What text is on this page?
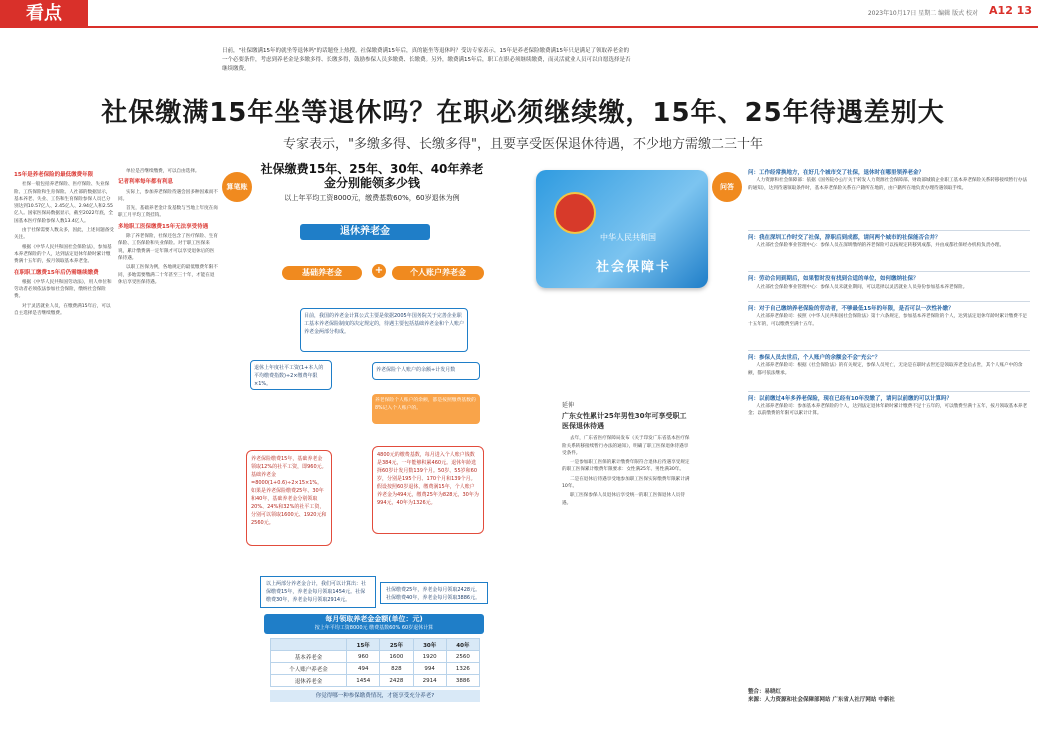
看点	2023年10月17日 星期二 编辑 版式 校对 A12 13
日前，"社保缴满15年的就坐等退休吗"的话题登上热搜。社保缴费满15年后，真的能坐等退休吗？受访专家表示，15年是养老保险缴费满15年只是满足了领取养老金的一个必要条件，考虑到养老金是多缴多得、长缴多得，鼓励参保人员多缴费、长缴费。另外，缴费满15年后，职工在职必须继续缴费，而灵活就业人员可以自愿选择是否继续缴费。
社保缴满15年坐等退休吗？在职必须继续缴，15年、25年待遇差别大
专家表示，"多缴多得、长缴多得"，且要享受医保退休待遇，不少地方需缴二三十年
15年是养老保险的最低缴费年限

社保一般包括养老保险、医疗保险、失业保险、工伤保险和生育保险。人社部的数据显示，基本养老、失业、工伤和生育保险参保人员已分别达到10.57亿人、2.45亿人、2.94亿人和2.55亿人。国家医保局数据显示，截至2022年底，全国基本医疗保险参保人数13.4亿人。

由于社保需要人数众多，因此，上述问题备受关注。

根据《中华人民共和国社会保险法》，参加基本养老保险的个人，达到法定退休年龄时累计缴费满十五年的，按月领取基本养老金。

在职职工缴费15年后仍需继续缴费

根据《中华人民共和国劳动法》，用人单位和劳动者必须依法参加社会保险，缴纳社会保险费。

对于灵活就业人员，在缴费满15年后，可以自主选择是否继续缴费。

单位是否继续缴费，可以自由选择。

记者利率每年都有利息

实际上，参加养老保险待遇会因多种因素而不同。

首先，基础养老金计发基数与当地上年度在岗职工月平均工资挂钩。

多地职工医保缴费15年无法享受待遇

除了养老保险，社保还包含了医疗保险、生育保险、工伤保险和失业保险。对于职工医保来说，累计缴费满一定年限才可以享受退休后的医保待遇。

以职工医保为例，各地规定的最低缴费年限不同，多地需要缴满二十年甚至三十年，才能在退休后享受医保待遇。

算笔账
社保缴费15年、25年、30年、40年养老金分别能领多少钱
以上年平均工资8000元，缴费基数60%，60岁退休为例
退休养老金
基础养老金	+	个人账户养老金
目前，我国的养老金计算公式主要是依据2005年国务院关于完善企业职工基本养老保险制度的决定规定的，待遇主要包括基础养老金和个人账户养老金两部分构成。
退休上年度社平工资(1+本人的平均缴费指数)÷2×缴费年限×1%。
养老保险个人账户的余额÷计发月数
养老保险个人账户的余额，都是按照缴费基数的8%记入个人账户的。
养老保险缴费15年，基础养老金领取12%的社平工资，即960元。基础养老金=8000(1+0.6)÷2×15×1%。如果是养老保险缴费25年、30年和40年，基础养老金分别领取20%、24%和32%的社平工资，分别可以领取1600元、1920元和2560元。
4800元的缴费基数，每月进入个人账户钱数是384元，一年能够积累460元。退休年龄选择60岁计发月数139个月。50岁、55岁和60岁，分别是195个月、170个月和139个月。假设按照60岁退休，缴费满15年，个人账户养老金为494元，缴费25年为828元，30年为994元，40年为1326元。
以上两部分养老金合计，我们可以计算出：社保缴费15年，养老金每月领取1454元。社保缴费30年，养老金每月领取2914元。
社保缴费25年，养老金每月领取2428元。社保缴费40年，养老金每月领取3886元。
每月领取养老金金额(单位：元)
按上年平均工资8000元 缴费基数60% 60岁退休计算
	15年	25年	30年	40年
基本养老金	960	1600	1920	2560
个人账户养老金	494	828	994	1326
退休养老金	1454	2428	2914	3886
你觉得哪一种参保缴费情况，才能享受充分养老?
中华人民共和国
社会保障卡
延伸
广东女性累计25年男性30年可享受职工医保退休待遇

去年，广东省医疗保障局发布《关于印发广东省基本医疗保险关系转移接续暂行办法的通知》，明确了职工医保退休待遇享受条件。

一是参加职工医保的累计缴费年限符合退休后待遇享受规定的职工医保累计缴费年限要求：女性满25年、男性满30年。

二是在退休后待遇享受地参加职工医保实际缴费年限累计满10年。

职工医保参保人员退休后享受统一的职工医保退休人员待遇。

问答
问：工作经常换地方，在好几个城市交了社保，退休时在哪里领养老金？

人力资源和社会保障部：依据《国务院办公厅关于转发人力资源社会保障部、财政部城镇企业职工基本养老保险关系转移接续暂行办法的通知》，达到待遇领取条件时，基本养老保险关系在户籍所在地的，由户籍所在地负责办理待遇领取手续。

问：我在深圳工作时交了社保，辞职后到成都，请问两个城市的社保能否合并？

人社部社会保险事业管理中心：参保人员在深圳缴纳的养老保险可以按规定转移到成都，并由成都社保经办机构负责办理。

问：劳动合同到期后，如果暂时没有找到合适的单位，如何缴纳社保？

人社部社会保险事业管理中心：参保人员未就业期间，可以选择以灵活就业人员身份参加基本养老保险。

问：对于自己缴纳养老保险的劳动者，不够最低15年的年限，是否可以一次性补缴？

人社部养老保险司：按照《中华人民共和国社会保险法》第十六条规定，参加基本养老保险的个人，达到法定退休年龄时累计缴费不足十五年的，可以缴费至满十五年。

问：参保人员去世后，个人账户的余额会不会"充公"？

人社部养老保险司：根据《社会保险法》的有关规定，参保人员死亡，无论是在职时去世还是领取养老金后去世，其个人账户中的余额，都可依法继承。

问：以前缴过4年多养老保险，现在已经有10年没缴了，请问以前缴的可以计算吗？

人社部养老保险司：参加基本养老保险的个人，达到法定退休年龄时累计缴费不足十五年的，可以缴费至满十五年，按月领取基本养老金；以前缴费的年限可以累计计算。

整合：易晓红
来源：人力资源和社会保障部网站 广东省人社厅网站 中新社
